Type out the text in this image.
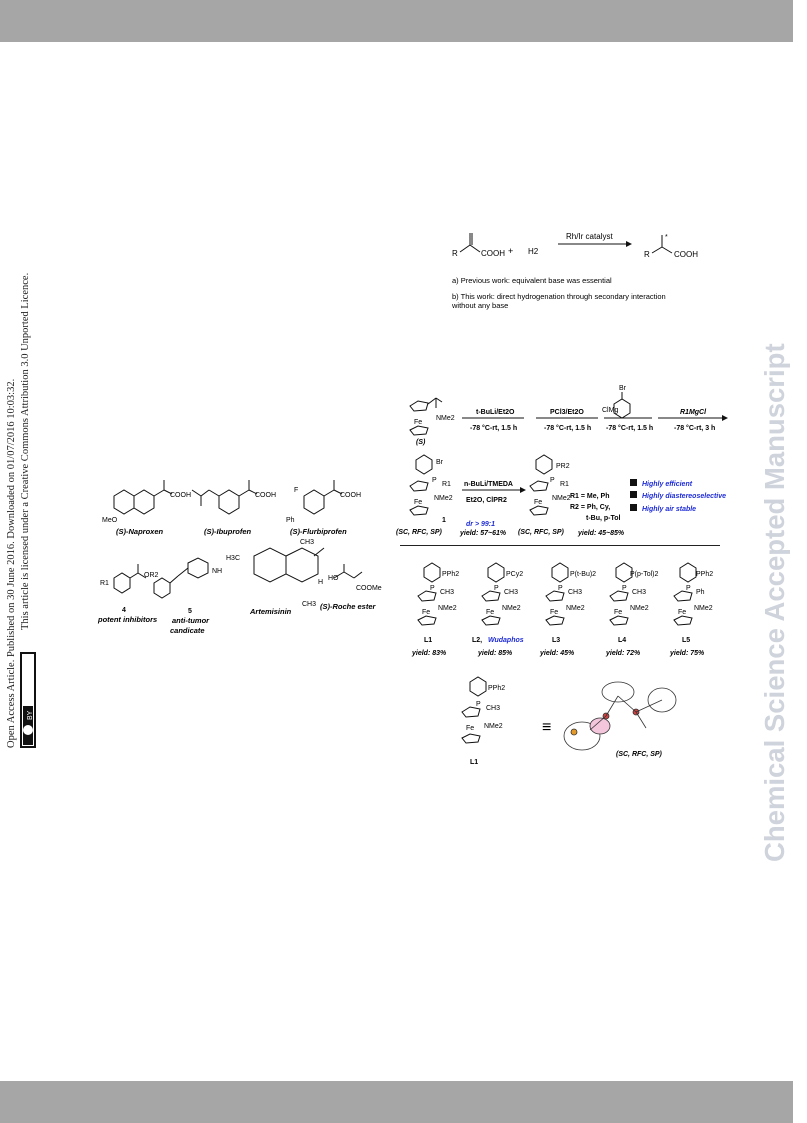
Open Access Article. Published on 30 June 2016. Downloaded on 01/07/2016 10:03:32. This article is licensed under a Creative Commons Attribution 3.0 Unported Licence.
BY	Chemical Science Accepted Manuscript
R	COOH + H2
Rh/Ir catalyst	*
R	COOH
a) Previous work: equivalent base was essential
b) This work: direct hydrogenation through secondary interaction
without any base
MeO
COOH	COOH
F
Ph
COOH
(S)-Naproxen	(S)-Ibuprofen	(S)-Flurbiprofen
R1
OR2
4
potent inhibitors
NH
5
anti-tumor
candicate
H3C
CH3
H
CH3
Artemisinin
HO
COOMe
(S)-Roche ester
Fe
NMe2
(S)
t-BuLi/Et2O
-78 °C-rt, 1.5 h
PCl3/Et2O
-78 °C-rt, 1.5 h
Br
ClMg
-78 °C-rt, 1.5 h
R1MgCl
-78 °C-rt, 3 h
Br
P
R1
Fe
NMe2
1
(SC, RFC, SP)
n-BuLi/TMEDA
Et2O, ClPR2
dr > 99:1
yield: 57~61%
PR2
P
R1
Fe
NMe2
(SC, RFC, SP) yield: 45~85%
R1 = Me, Ph
R2 = Ph, Cy,
t-Bu, p-Tol
Highly efficient
Highly diastereoselective
Highly air stable
PPh2
P
CH3
Fe
NMe2
L1
yield: 83%
PCy2
P
CH3
Fe
NMe2
L2, Wudaphos
yield: 85%
P(t-Bu)2
P
CH3
Fe
NMe2
L3
yield: 45%
P(p-Tol)2
P
CH3
Fe
NMe2
L4
yield: 72%
PPh2
P
Ph
Fe
NMe2
L5
yield: 75%
PPh2
P
CH3
Fe NMe2
L1
≡
(SC, RFC, SP)
